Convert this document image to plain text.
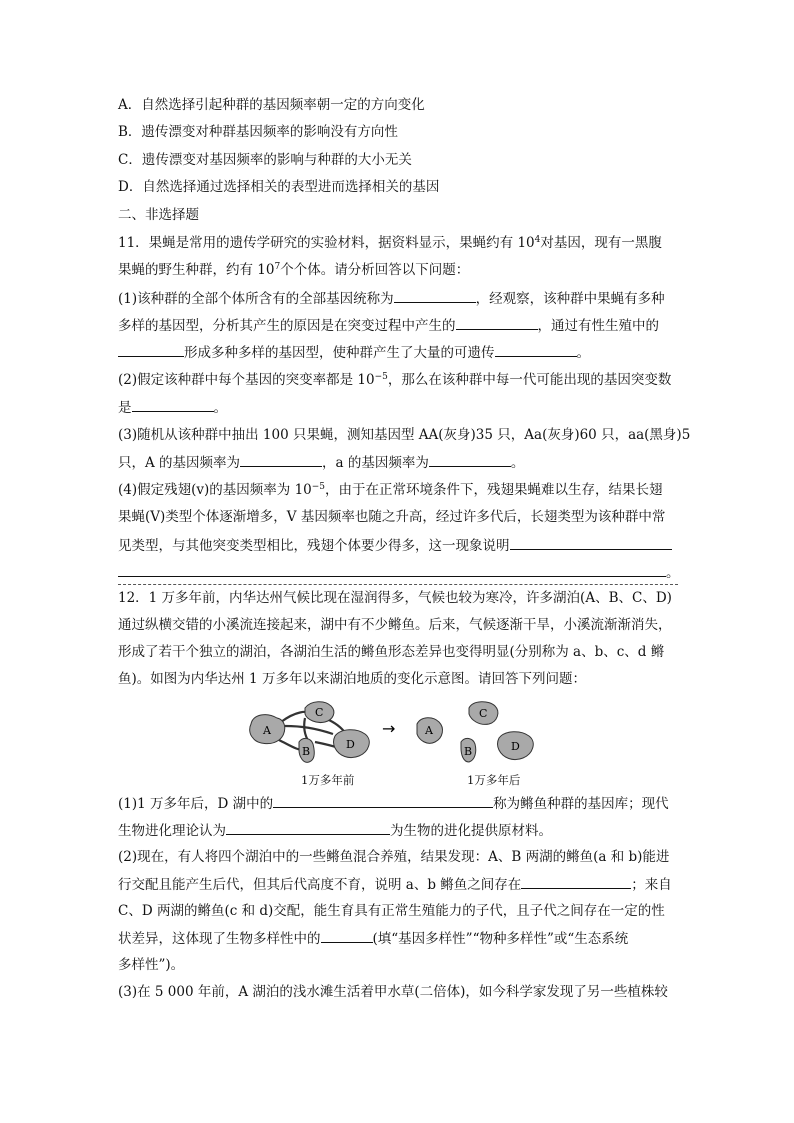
A．自然选择引起种群的基因频率朝一定的方向变化
B．遗传漂变对种群基因频率的影响没有方向性
C．遗传漂变对基因频率的影响与种群的大小无关
D．自然选择通过选择相关的表型进而选择相关的基因
二、非选择题
11．果蝇是常用的遗传学研究的实验材料，据资料显示，果蝇约有 $10^4$对基因，现有一黑腹
果蝇的野生种群，约有 $10^7$个个体。请分析回答以下问题：
(1)该种群的全部个体所含有的全部基因统称为	，经观察，该种群中果蝇有多种
多样的基因型，分析其产生的原因是在突变过程中产生的	，通过有性生殖中的
形成多种多样的基因型，使种群产生了大量的可遗传	。
(2)假定该种群中每个基因的突变率都是 $10^{-5}$，那么在该种群中每一代可能出现的基因突变数
是	。
(3)随机从该种群中抽出 100 只果蝇，测知基因型 AA(灰身)35 只，Aa(灰身)60 只，aa(黑身)5
只，A 的基因频率为	，a 的基因频率为	。
(4)假定残翅(v)的基因频率为 $10^{-5}$，由于在正常环境条件下，残翅果蝇难以生存，结果长翅
果蝇(V)类型个体逐渐增多，V 基因频率也随之升高，经过许多代后，长翅类型为该种群中常
见类型，与其他突变类型相比，残翅个体要少得多，这一现象说明
。
12．1 万多年前，内华达州气候比现在湿润得多，气候也较为寒冷，许多湖泊(A、B、C、D)
通过纵横交错的小溪流连接起来，湖中有不少鳉鱼。后来，气候逐渐干旱，小溪流渐渐消失，
形成了若干个独立的湖泊，各湖泊生活的鳉鱼形态差异也变得明显(分别称为 a、b、c、d 鳉
鱼)。如图为内华达州 1 万多年以来湖泊地质的变化示意图。请回答下列问题：
A
C
B
D
→	A
C
B	D
1万多年前	1万多年后
(1)1 万多年后，D 湖中的	称为鳉鱼种群的基因库；现代
生物进化理论认为	为生物的进化提供原材料。
(2)现在，有人将四个湖泊中的一些鳉鱼混合养殖，结果发现：A、B 两湖的鳉鱼(a 和 b)能进
行交配且能产生后代，但其后代高度不育，说明 a、b 鳉鱼之间存在	；来自
C、D 两湖的鳉鱼(c 和 d)交配，能生育具有正常生殖能力的子代，且子代之间存在一定的性
状差异，这体现了生物多样性中的	(填“基因多样性”“物种多样性”或“生态系统
多样性”)。
(3)在 5 000 年前，A 湖泊的浅水滩生活着甲水草(二倍体)，如今科学家发现了另一些植株较
